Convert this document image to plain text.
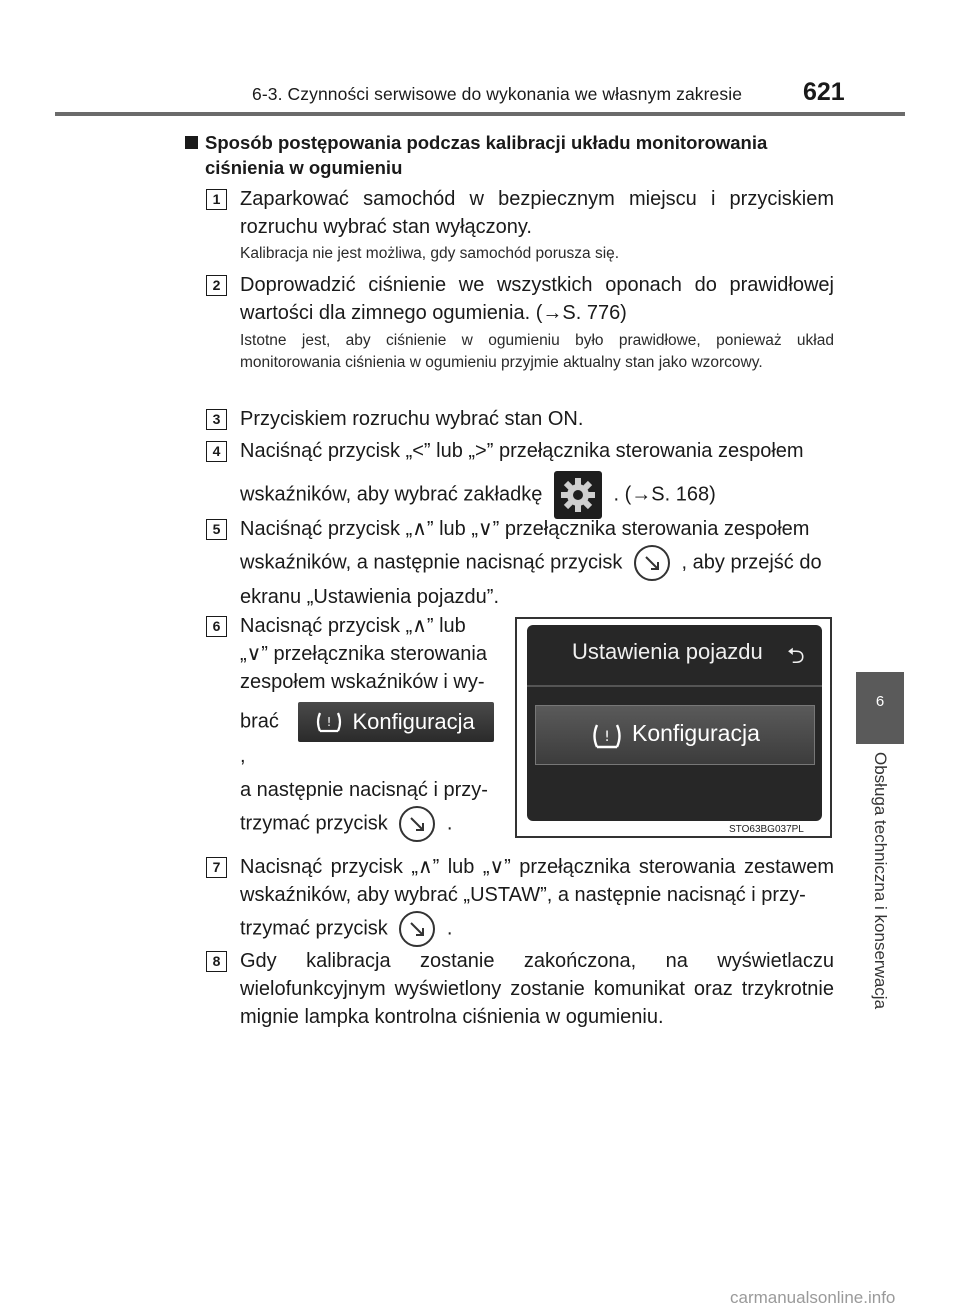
6-3. Czynności serwisowe do wykonania we własnym zakresie 621
6
Obsługa techniczna i konserwacja
Sposób postępowania podczas kalibracji układu monitorowania
ciśnienia w ogumieniu
1 Zaparkować samochód w bezpiecznym miejscu i przyciskiem rozruchu wybrać stan wyłączony.
Kalibracja nie jest możliwa, gdy samochód porusza się.
2 Doprowadzić ciśnienie we wszystkich oponach do prawidłowej wartości dla zimnego ogumienia. (→S. 776)
Istotne jest, aby ciśnienie w ogumieniu było prawidłowe, ponieważ układ monitorowania ciśnienia w ogumieniu przyjmie aktualny stan jako wzorcowy.
3 Przyciskiem rozruchu wybrać stan ON.
4 Naciśnąć przycisk „<” lub „>” przełącznika sterowania zespołem
wskaźników, aby wybrać zakładkę	. (→S. 168)
5 Naciśnąć przycisk „∧” lub „∨” przełącznika sterowania zespołem
wskaźników, a następnie nacisnąć przycisk	, aby przejść do
ekranu „Ustawienia pojazdu”.
6 Nacisnąć przycisk „∧” lub
„∨” przełącznika sterowania
zespołem wskaźników i wy-
brać	! Konfiguracja
,
a następnie nacisnąć i przy-
trzymać przycisk	.
Ustawienia pojazdu ⮌
! Konfiguracja
STO63BG037PL
7 Nacisnąć przycisk „∧” lub „∨” przełącznika sterowania zestawem wskaźników, aby wybrać „USTAW”, a następnie nacisnąć i przy-
trzymać przycisk	.
8 Gdy kalibracja zostanie zakończona, na wyświetlaczu wielofunkcyjnym wyświetlony zostanie komunikat oraz trzykrotnie mignie lampka kontrolna ciśnienia w ogumieniu.
carmanualsonline.info
